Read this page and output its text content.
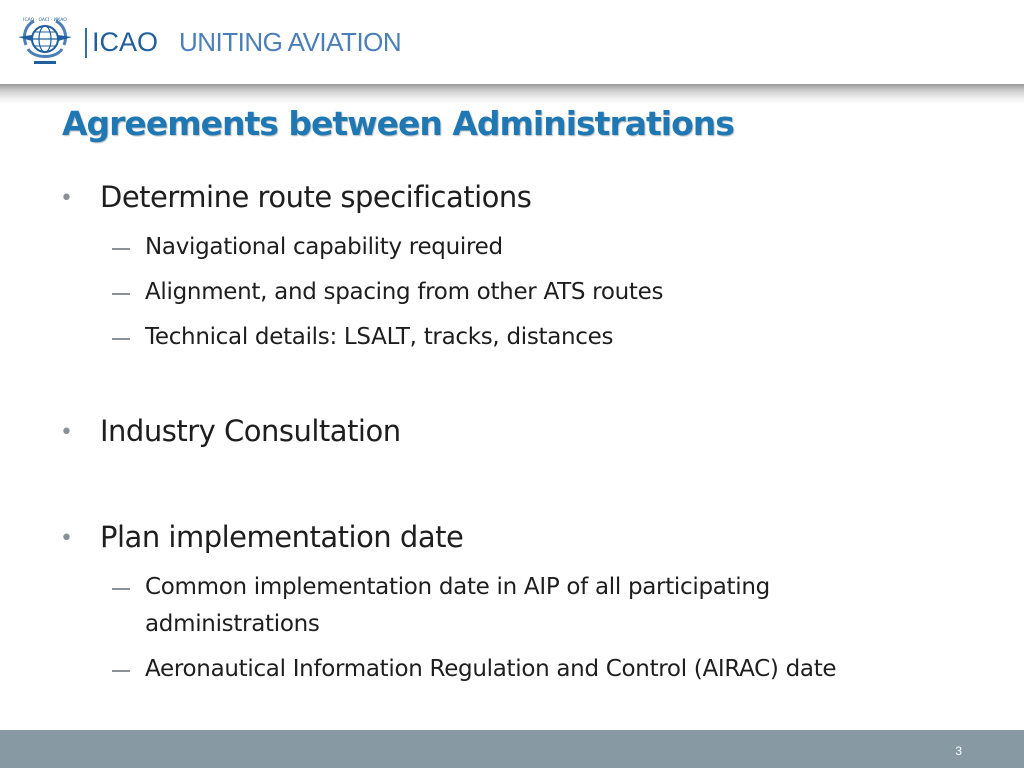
ICAO · OACI · ИКАО
ICAO UNITING AVIATION
Agreements between Administrations
• Determine route specifications
Navigational capability required
Alignment, and spacing from other ATS routes
Technical details: LSALT, tracks, distances
• Industry Consultation
• Plan implementation date
Common implementation date in AIP of all participating administrations
Aeronautical Information Regulation and Control (AIRAC) date
3
